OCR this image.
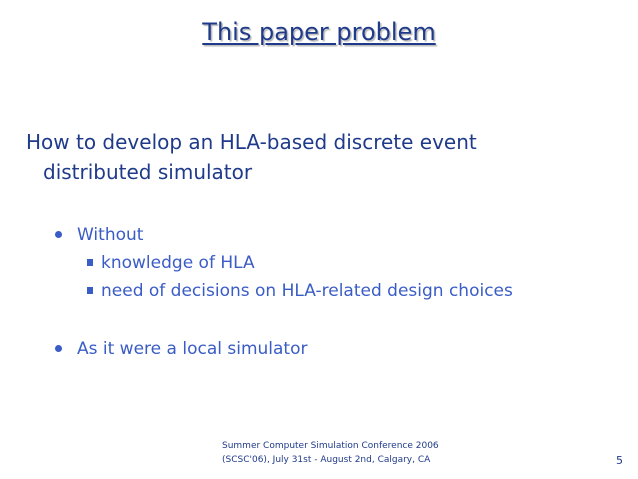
This paper problem
How to develop an HLA-based discrete event
distributed simulator
Without
knowledge of HLA
need of decisions on HLA-related design choices
As it were a local simulator
Summer Computer Simulation Conference 2006
(SCSC'06), July 31st - August 2nd, Calgary, CA	5
